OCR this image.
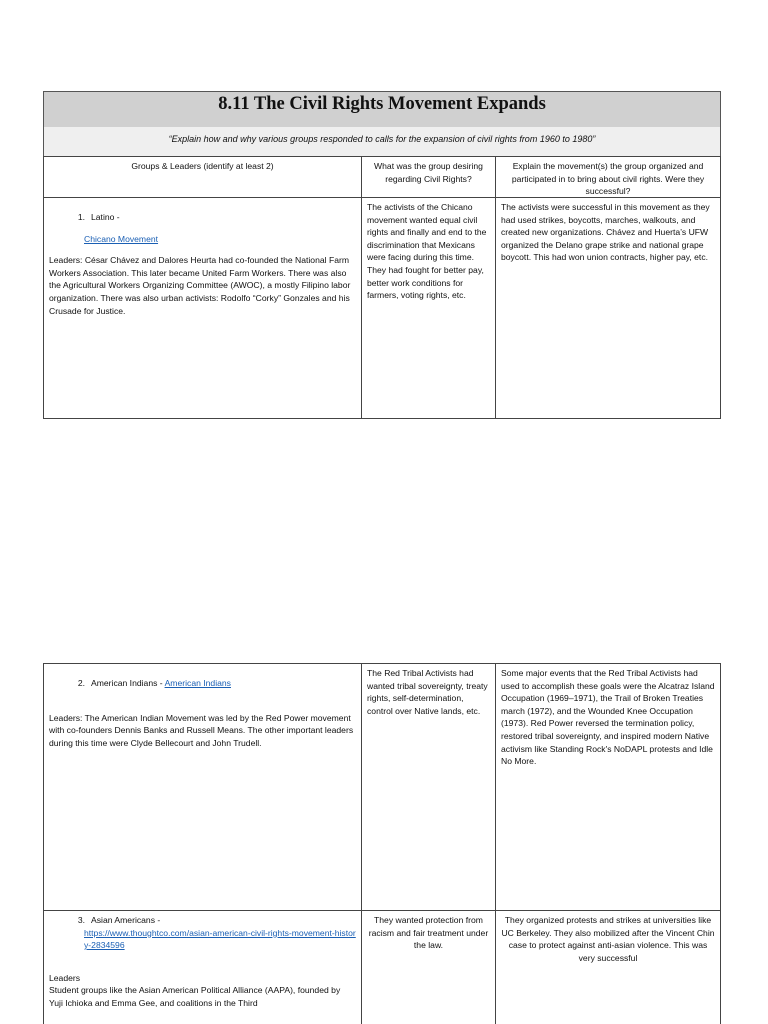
8.11 The Civil Rights Movement Expands
“Explain how and why various groups responded to calls for the expansion of civil rights from 1960 to 1980”
Groups & Leaders (identify at least 2)	What was the group desiring regarding Civil Rights?
Explain the movement(s) the group organized and participated in to bring about civil rights. Were they successful?

1. Latino -

Chicano Movement

Leaders: César Chávez and Dalores Heurta had co-founded the National Farm Workers Association. This later became United Farm Workers. There was also the Agricultural Workers Organizing Committee (AWOC), a mostly Filipino labor organization. There was also urban activists: Rodolfo “Corky” Gonzales and his Crusade for Justice.

The activists of the Chicano movement wanted equal civil rights and finally and end to the discrimination that Mexicans were facing during this time. They had fought for better pay, better work conditions for farmers, voting rights, etc.

The activists were successful in this movement as they had used strikes, boycotts, marches, walkouts, and created new organizations. Chávez and Huerta’s UFW organized the Delano grape strike and national grape boycott. This had won union contracts, higher pay, etc.

2. American Indians - American Indians

Leaders: The American Indian Movement was led by the Red Power movement with co-founders Dennis Banks and Russell Means. The other important leaders during this time were Clyde Bellecourt and John Trudell.

The Red Tribal Activists had wanted tribal sovereignty, treaty rights, self-determination, control over Native lands, etc.

Some major events that the Red Tribal Activists had used to accomplish these goals were the Alcatraz Island Occupation (1969–1971), the Trail of Broken Treaties march (1972), and the Wounded Knee Occupation (1973). Red Power reversed the termination policy, restored tribal sovereignty, and inspired modern Native activism like Standing Rock's NoDAPL protests and Idle No More.

3. Asian Americans -

https://www.thoughtco.com/asian-american-civil-rights-movement-history-2834596

Leaders

Student groups like the Asian American Political Alliance (AAPA), founded by Yuji Ichioka and Emma Gee, and coalitions in the Third

They wanted protection from racism and fair treatment under the law.

They organized protests and strikes at universities like UC Berkeley. They also mobilized after the Vincent Chin case to protect against anti-asian violence. This was very successful
